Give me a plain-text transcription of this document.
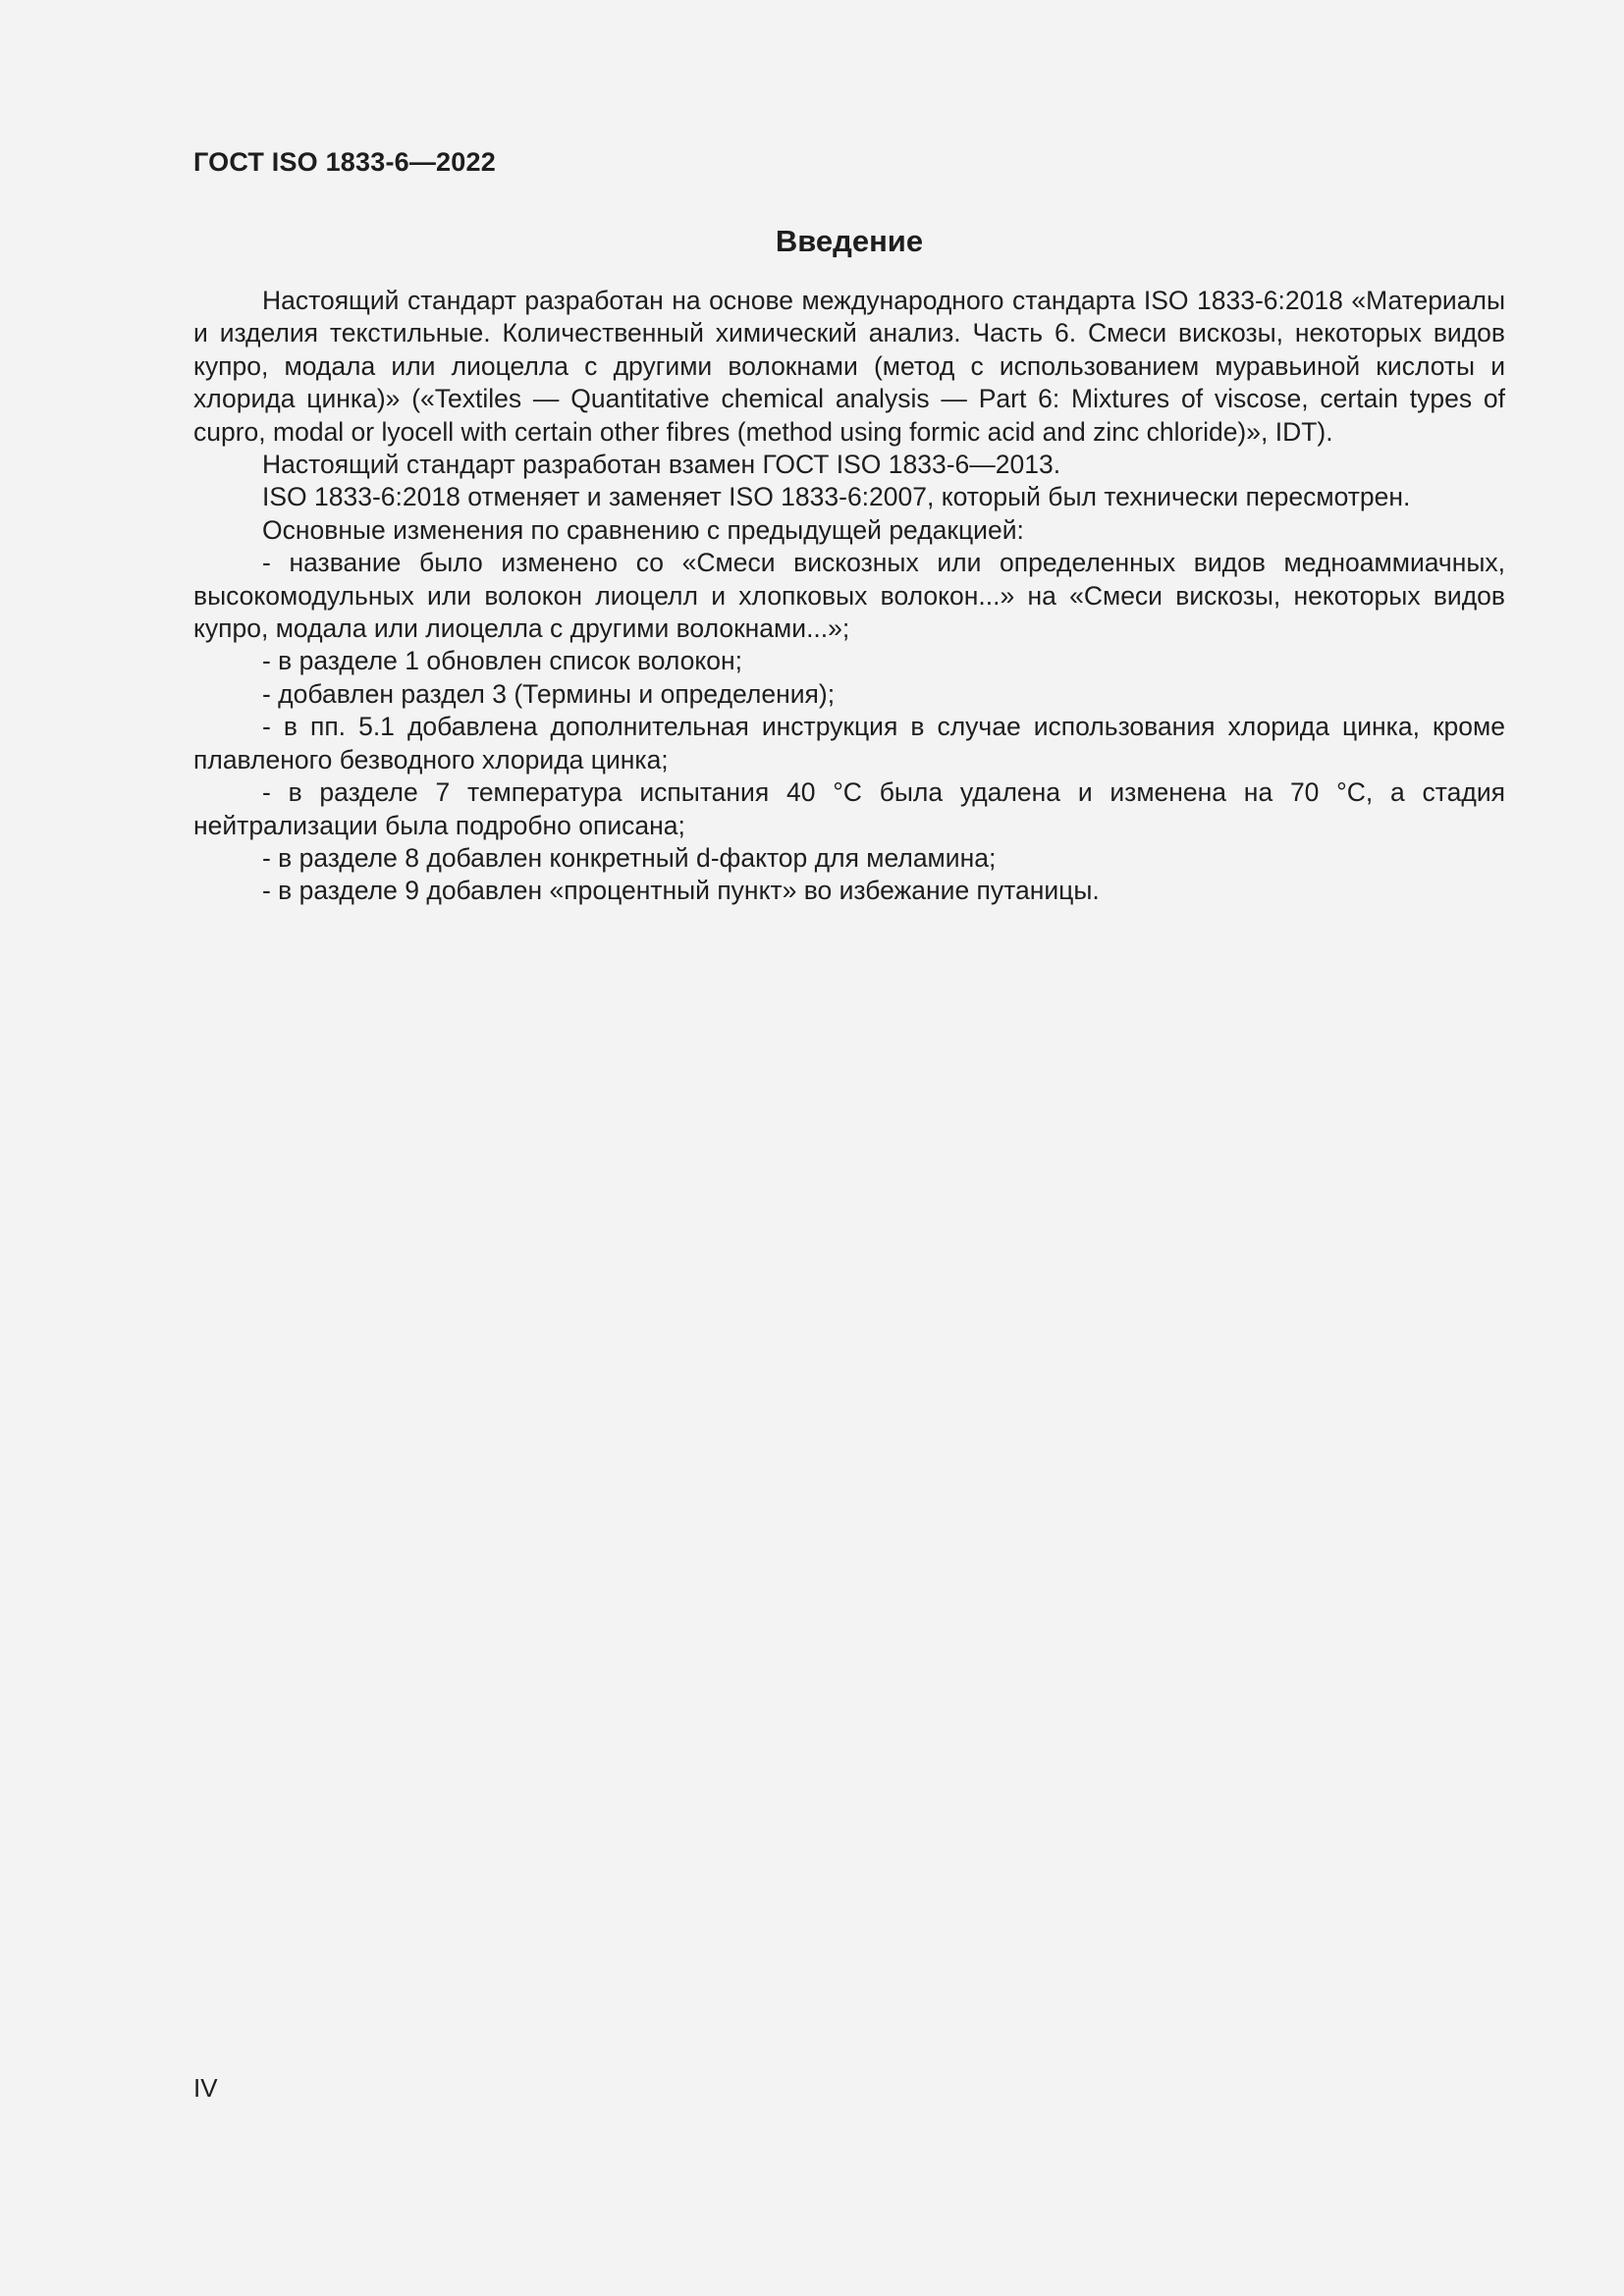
ГОСТ ISO 1833-6—2022
Введение

Настоящий стандарт разработан на основе международного стандарта ISO 1833-6:2018 «Материалы и изделия текстильные. Количественный химический анализ. Часть 6. Смеси вискозы, некоторых видов купро, модала или лиоцелла с другими волокнами (метод с использованием муравьиной кислоты и хлорида цинка)» («Textiles — Quantitative chemical analysis — Part 6: Mixtures of viscose, certain types of cupro, modal or lyocell with certain other fibres (method using formic acid and zinc chloride)», IDT).

Настоящий стандарт разработан взамен ГОСТ ISO 1833-6—2013.

ISO 1833-6:2018 отменяет и заменяет ISO 1833-6:2007, который был технически пересмотрен.

Основные изменения по сравнению с предыдущей редакцией:

- название было изменено со «Смеси вискозных или определенных видов медноаммиачных, высокомодульных или волокон лиоцелл и хлопковых волокон...» на «Смеси вискозы, некоторых видов купро, модала или лиоцелла с другими волокнами...»;

- в разделе 1 обновлен список волокон;

- добавлен раздел 3 (Термины и определения);

- в пп. 5.1 добавлена дополнительная инструкция в случае использования хлорида цинка, кроме плавленого безводного хлорида цинка;

- в разделе 7 температура испытания 40 °C была удалена и изменена на 70 °C, а стадия нейтрализации была подробно описана;

- в разделе 8 добавлен конкретный d-фактор для меламина;

- в разделе 9 добавлен «процентный пункт» во избежание путаницы.

IV
